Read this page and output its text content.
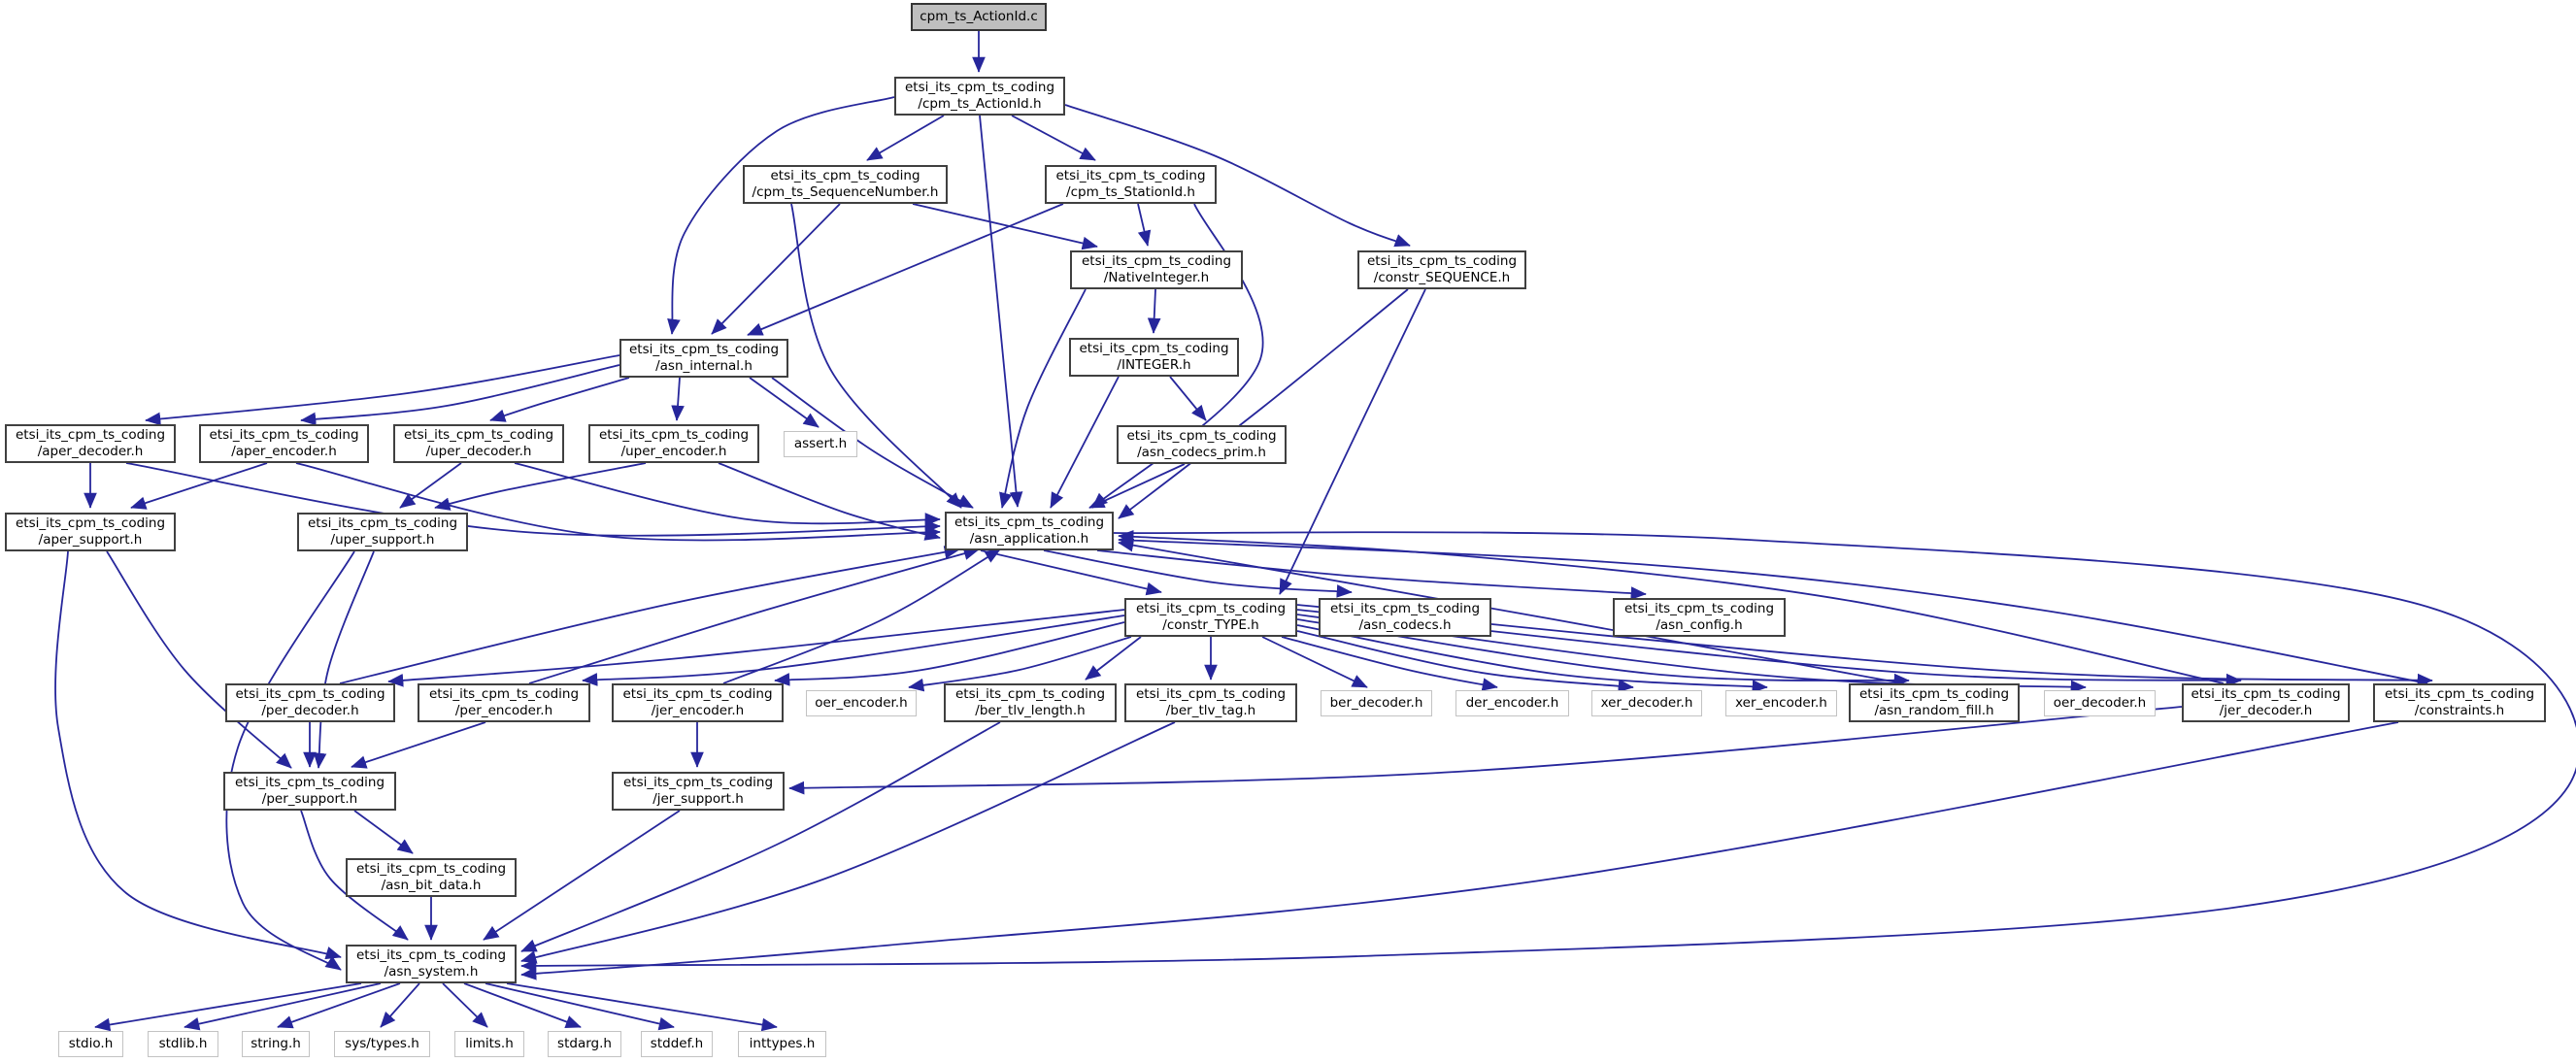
cpm_ts_ActionId.c
etsi_its_cpm_ts_coding
/cpm_ts_ActionId.h
etsi_its_cpm_ts_coding
/cpm_ts_SequenceNumber.h
etsi_its_cpm_ts_coding
/cpm_ts_StationId.h
etsi_its_cpm_ts_coding
/NativeInteger.h
etsi_its_cpm_ts_coding
/constr_SEQUENCE.h
etsi_its_cpm_ts_coding
/asn_internal.h
etsi_its_cpm_ts_coding
/INTEGER.h
etsi_its_cpm_ts_coding
/aper_decoder.h
etsi_its_cpm_ts_coding
/aper_encoder.h
etsi_its_cpm_ts_coding
/uper_decoder.h
etsi_its_cpm_ts_coding
/uper_encoder.h
assert.h
etsi_its_cpm_ts_coding
/asn_codecs_prim.h
etsi_its_cpm_ts_coding
/aper_support.h
etsi_its_cpm_ts_coding
/uper_support.h
etsi_its_cpm_ts_coding
/asn_application.h
etsi_its_cpm_ts_coding
/constr_TYPE.h
etsi_its_cpm_ts_coding
/asn_codecs.h
etsi_its_cpm_ts_coding
/asn_config.h
etsi_its_cpm_ts_coding
/per_decoder.h
etsi_its_cpm_ts_coding
/per_encoder.h
etsi_its_cpm_ts_coding
/jer_encoder.h
oer_encoder.h
etsi_its_cpm_ts_coding
/ber_tlv_length.h
etsi_its_cpm_ts_coding
/ber_tlv_tag.h
ber_decoder.h	der_encoder.h	xer_decoder.h	xer_encoder.h
etsi_its_cpm_ts_coding
/asn_random_fill.h
oer_decoder.h
etsi_its_cpm_ts_coding
/jer_decoder.h
etsi_its_cpm_ts_coding
/constraints.h
etsi_its_cpm_ts_coding
/per_support.h
etsi_its_cpm_ts_coding
/jer_support.h
etsi_its_cpm_ts_coding
/asn_bit_data.h
etsi_its_cpm_ts_coding
/asn_system.h
stdio.h	stdlib.h	string.h	sys/types.h	limits.h	stdarg.h	stddef.h	inttypes.h
